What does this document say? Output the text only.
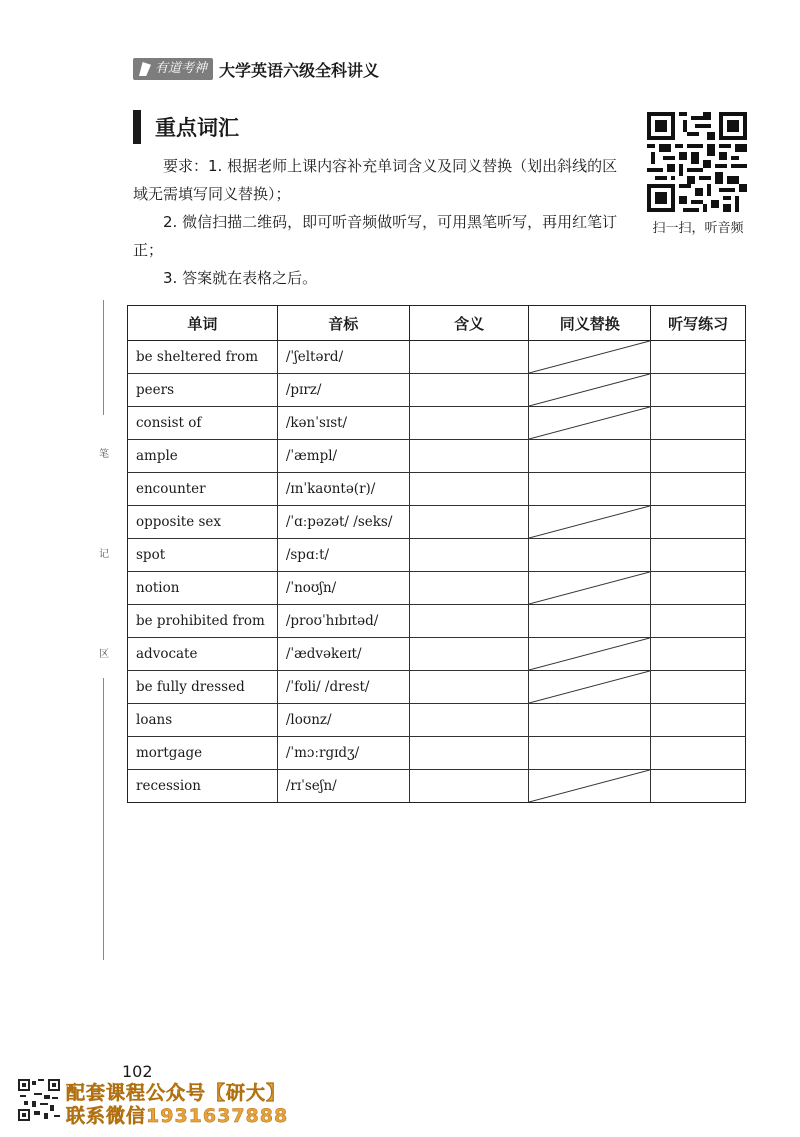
有道考神 大学英语六级全科讲义
重点词汇
要求：1. 根据老师上课内容补充单词含义及同义替换（划出斜线的区域无需填写同义替换）；
2. 微信扫描二维码，即可听音频做听写，可用黑笔听写，再用红笔订正；
3. 答案就在表格之后。
扫一扫，听音频
笔
记
区
单词	音标	含义	同义替换	听写练习
be sheltered from	/ˈʃeltərd/		

peers	/pɪrz/		

consist of	/kənˈsɪst/		

ample	/ˈæmpl/			
encounter	/ɪnˈkaʊntə(r)/			
opposite sex	/ˈɑːpəzət/ /seks/		

spot	/spɑːt/			
notion	/ˈnoʊʃn/		

be prohibited from	/proʊˈhɪbɪtəd/			
advocate	/ˈædvəkeɪt/		

be fully dressed	/ˈfʊli/ /drest/		

loans	/loʊnz/			
mortgage	/ˈmɔːrgɪdʒ/			
recession	/rɪˈseʃn/		

102
配套课程公众号【研大】
联系微信1931637888
